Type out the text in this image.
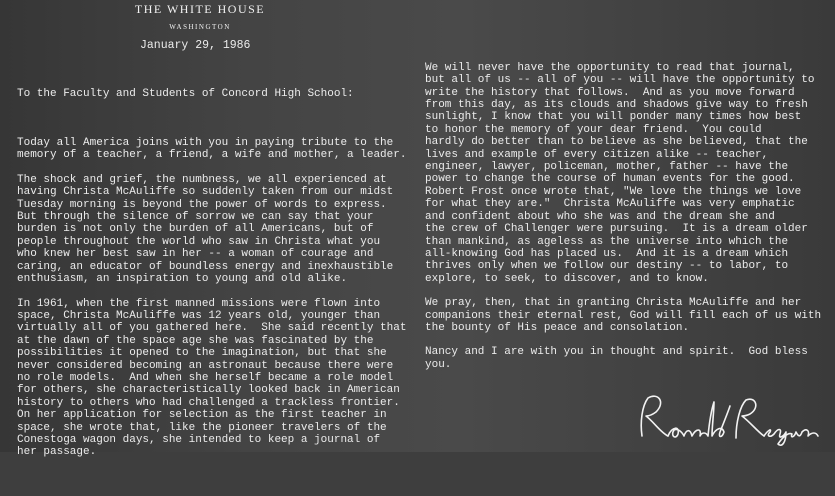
THE WHITE HOUSE
WASHINGTON
January 29, 1986

To the Faculty and Students of Concord High School:

Today all America joins with you in paying tribute to the
memory of a teacher, a friend, a wife and mother, a leader.
The shock and grief, the numbness, we all experienced at
having Christa McAuliffe so suddenly taken from our midst
Tuesday morning is beyond the power of words to express.
But through the silence of sorrow we can say that your
burden is not only the burden of all Americans, but of
people throughout the world who saw in Christa what you
who knew her best saw in her -- a woman of courage and
caring, an educator of boundless energy and inexhaustible
enthusiasm, an inspiration to young and old alike.
In 1961, when the first manned missions were flown into
space, Christa McAuliffe was 12 years old, younger than
virtually all of you gathered here.  She said recently that
at the dawn of the space age she was fascinated by the
possibilities it opened to the imagination, but that she
never considered becoming an astronaut because there were
no role models.  And when she herself became a role model
for others, she characteristically looked back in American
history to others who had challenged a trackless frontier.
On her application for selection as the first teacher in
space, she wrote that, like the pioneer travelers of the
Conestoga wagon days, she intended to keep a journal of
her passage.

We will never have the opportunity to read that journal,
but all of us -- all of you -- will have the opportunity to
write the history that follows.  And as you move forward
from this day, as its clouds and shadows give way to fresh
sunlight, I know that you will ponder many times how best
to honor the memory of your dear friend.  You could
hardly do better than to believe as she believed, that the
lives and example of every citizen alike -- teacher,
engineer, lawyer, policeman, mother, father -- have the
power to change the course of human events for the good.
Robert Frost once wrote that, "We love the things we love
for what they are."  Christa McAuliffe was very emphatic
and confident about who she was and the dream she and
the crew of Challenger were pursuing.  It is a dream older
than mankind, as ageless as the universe into which the
all-knowing God has placed us.  And it is a dream which
thrives only when we follow our destiny -- to labor, to
explore, to seek, to discover, and to know.
We pray, then, that in granting Christa McAuliffe and her
companions their eternal rest, God will fill each of us with
the bounty of His peace and consolation.
Nancy and I are with you in thought and spirit.  God bless
you.
